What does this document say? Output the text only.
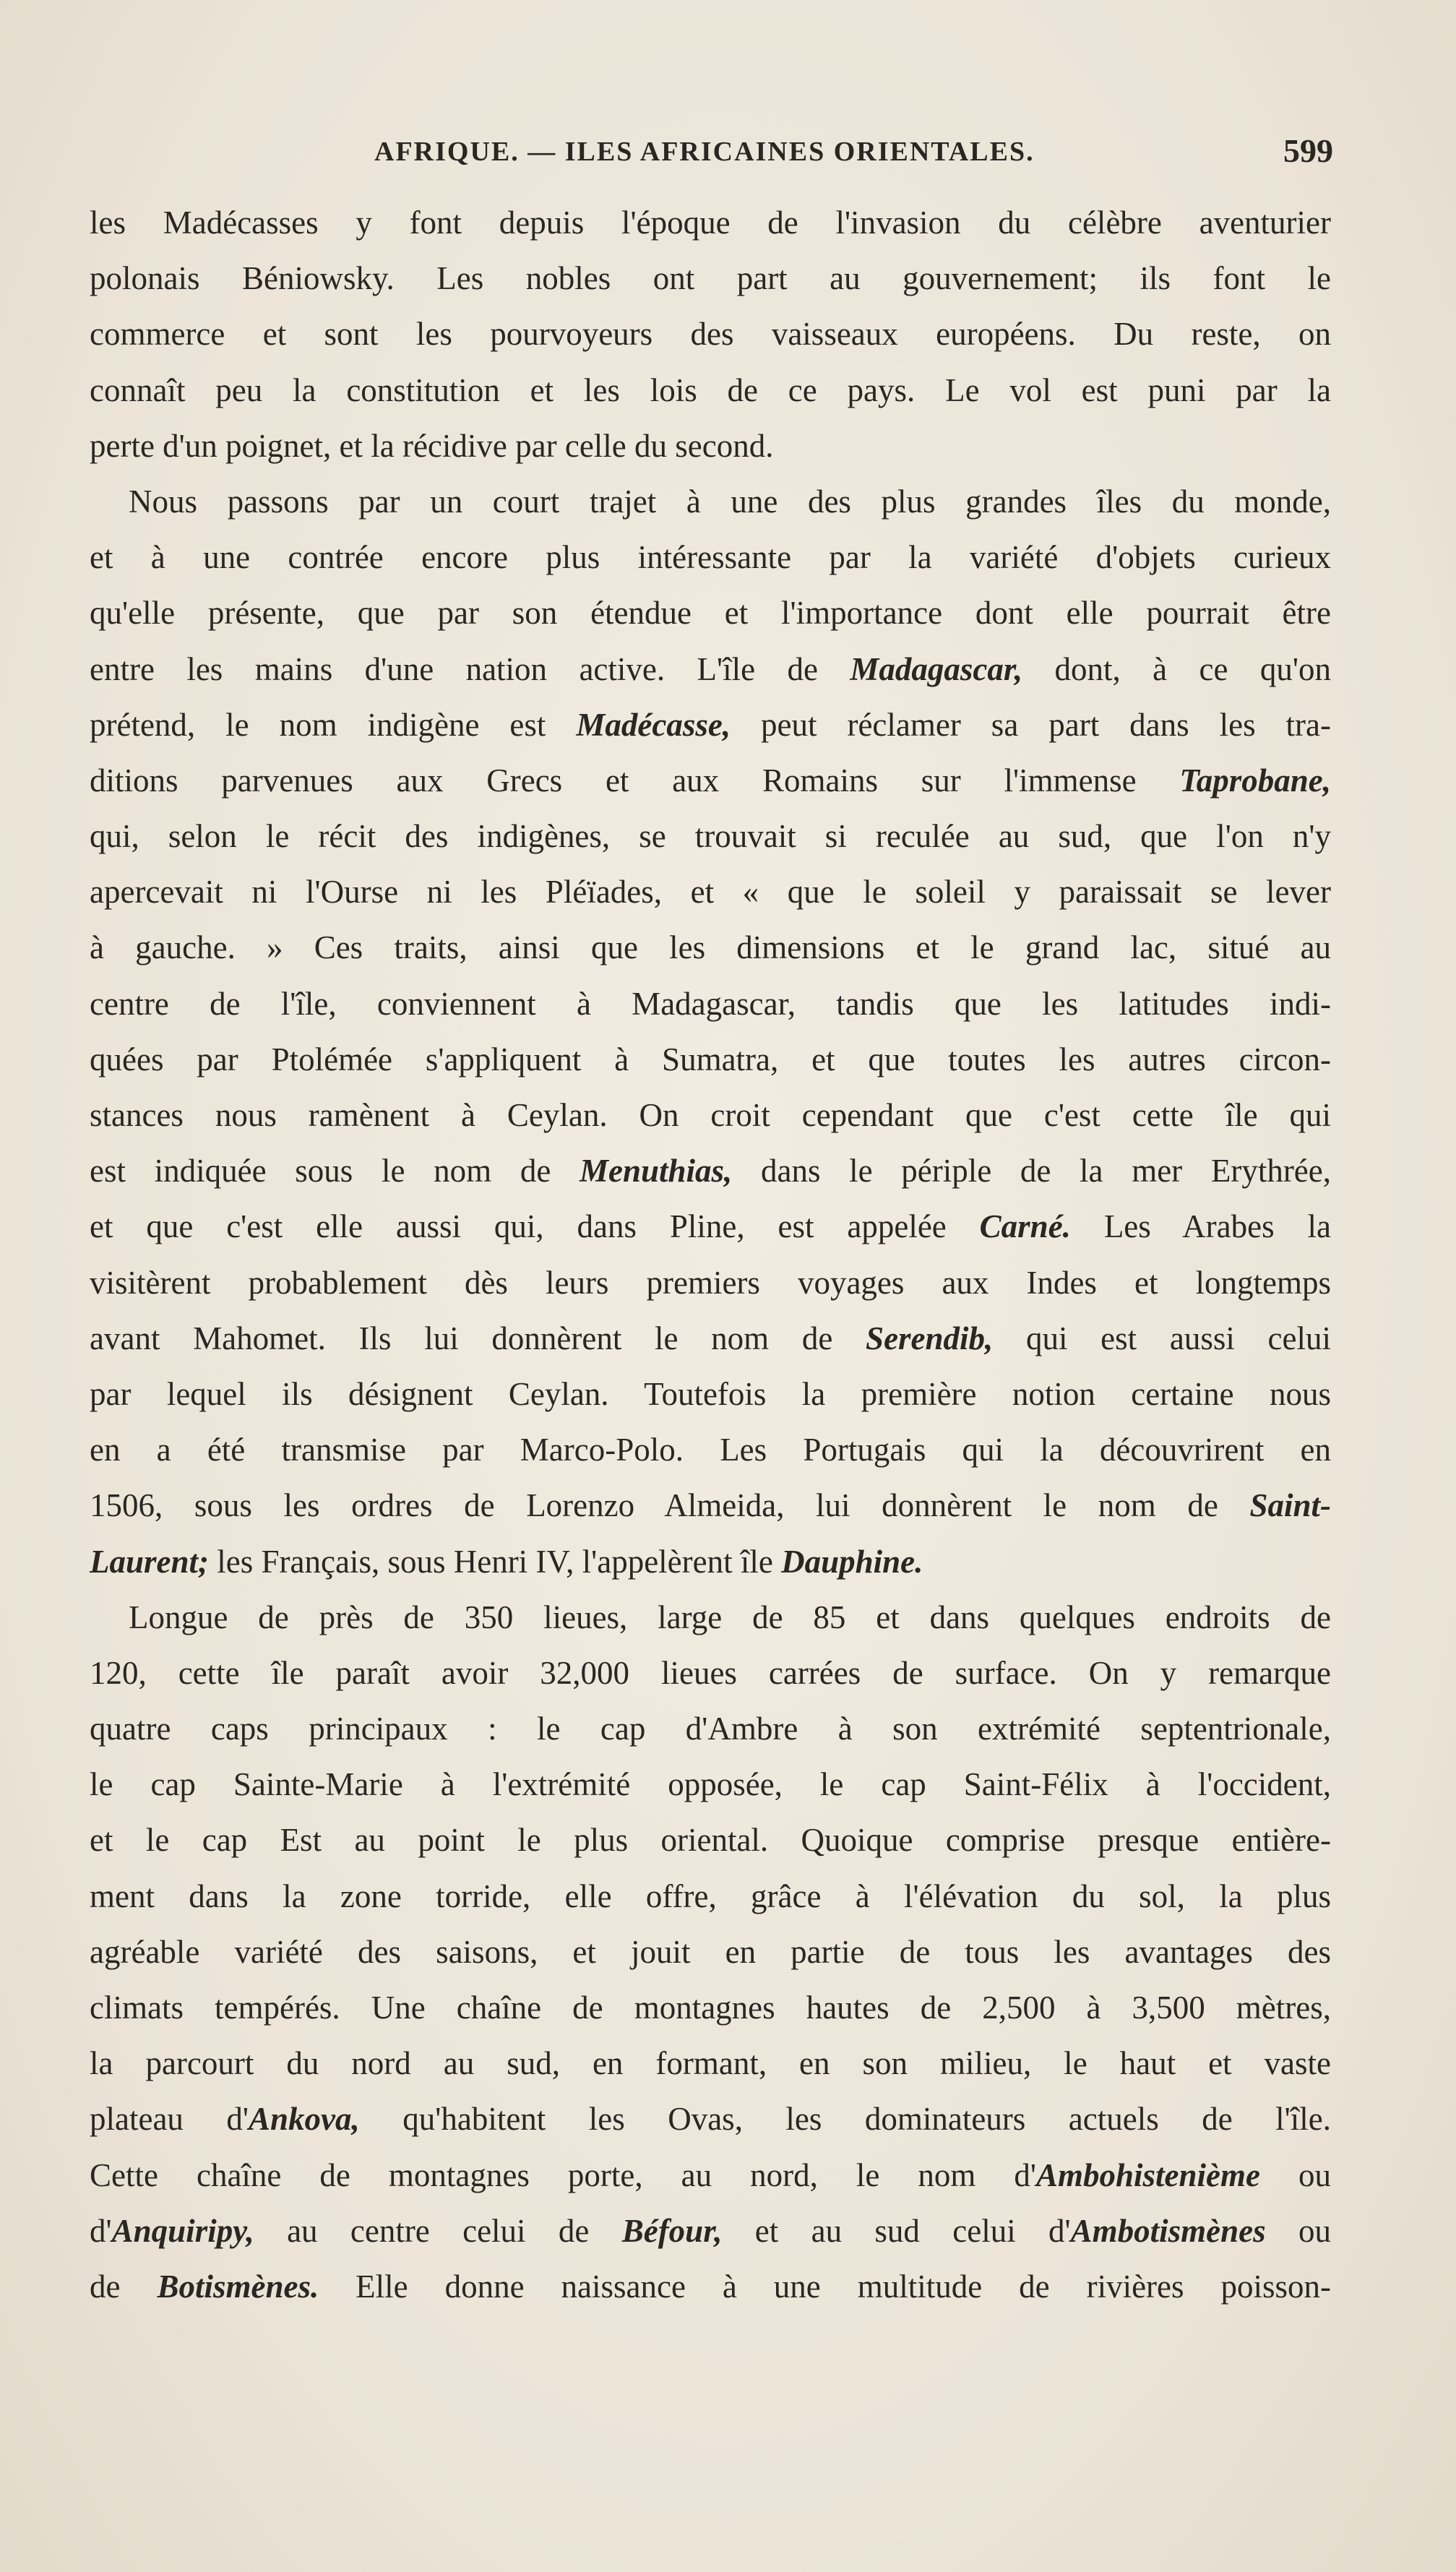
AFRIQUE. — ILES AFRICAINES ORIENTALES.	599
les Madécasses y font depuis l'époque de l'invasion du célèbre aventurier
polonais Béniowsky. Les nobles ont part au gouvernement; ils font le
commerce et sont les pourvoyeurs des vaisseaux européens. Du reste, on
connaît peu la constitution et les lois de ce pays. Le vol est puni par la
perte d'un poignet, et la récidive par celle du second.
Nous passons par un court trajet à une des plus grandes îles du monde,
et à une contrée encore plus intéressante par la variété d'objets curieux
qu'elle présente, que par son étendue et l'importance dont elle pourrait être
entre les mains d'une nation active. L'île de Madagascar, dont, à ce qu'on
prétend, le nom indigène est Madécasse, peut réclamer sa part dans les tra-
ditions parvenues aux Grecs et aux Romains sur l'immense Taprobane,
qui, selon le récit des indigènes, se trouvait si reculée au sud, que l'on n'y
apercevait ni l'Ourse ni les Pléïades, et « que le soleil y paraissait se lever
à gauche. » Ces traits, ainsi que les dimensions et le grand lac, situé au
centre de l'île, conviennent à Madagascar, tandis que les latitudes indi-
quées par Ptolémée s'appliquent à Sumatra, et que toutes les autres circon-
stances nous ramènent à Ceylan. On croit cependant que c'est cette île qui
est indiquée sous le nom de Menuthias, dans le périple de la mer Erythrée,
et que c'est elle aussi qui, dans Pline, est appelée Carné. Les Arabes la
visitèrent probablement dès leurs premiers voyages aux Indes et longtemps
avant Mahomet. Ils lui donnèrent le nom de Serendib, qui est aussi celui
par lequel ils désignent Ceylan. Toutefois la première notion certaine nous
en a été transmise par Marco-Polo. Les Portugais qui la découvrirent en
1506, sous les ordres de Lorenzo Almeida, lui donnèrent le nom de Saint-
Laurent; les Français, sous Henri IV, l'appelèrent île Dauphine.
Longue de près de 350 lieues, large de 85 et dans quelques endroits de
120, cette île paraît avoir 32,000 lieues carrées de surface. On y remarque
quatre caps principaux : le cap d'Ambre à son extrémité septentrionale,
le cap Sainte-Marie à l'extrémité opposée, le cap Saint-Félix à l'occident,
et le cap Est au point le plus oriental. Quoique comprise presque entière-
ment dans la zone torride, elle offre, grâce à l'élévation du sol, la plus
agréable variété des saisons, et jouit en partie de tous les avantages des
climats tempérés. Une chaîne de montagnes hautes de 2,500 à 3,500 mètres,
la parcourt du nord au sud, en formant, en son milieu, le haut et vaste
plateau d'Ankova, qu'habitent les Ovas, les dominateurs actuels de l'île.
Cette chaîne de montagnes porte, au nord, le nom d'Ambohistenième ou
d'Anquiripy, au centre celui de Béfour, et au sud celui d'Ambotismènes ou
de Botismènes. Elle donne naissance à une multitude de rivières poisson-
